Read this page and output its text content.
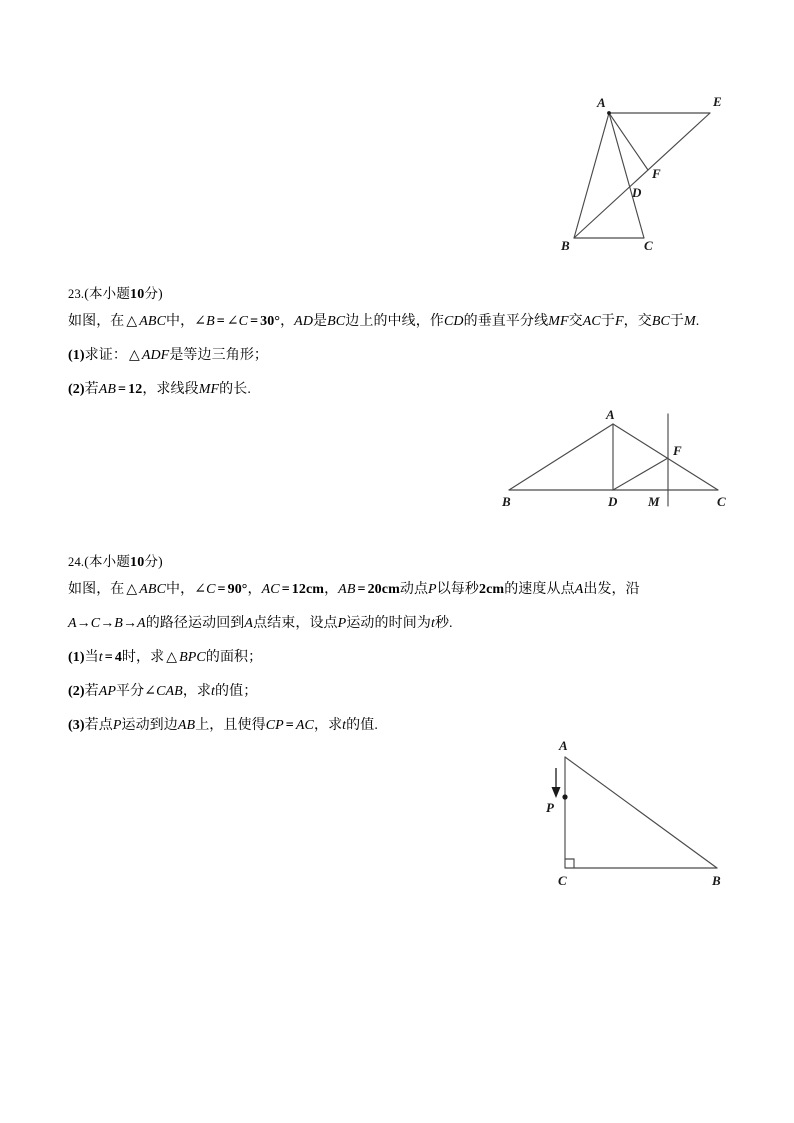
A	E
F
D
B	C
23.(本小题10分)
如图，在 △ ABC中，∠B = ∠C = 30°，AD是BC边上的中线，作CD的垂直平分线MF交AC于F，交BC于M.
(1)求证： △ ADF是等边三角形；
(2)若AB = 12，求线段MF的长.
A
F
B	D M	C
24.(本小题10分)
如图，在 △ ABC中，∠C = 90°，AC = 12cm，AB = 20cm动点P以每秒2cm的速度从点A出发，沿
A→C→B→A的路径运动回到A点结束，设点P运动的时间为t秒.
(1)当t = 4时，求 △ BPC的面积；
(2)若AP平分∠CAB，求t的值；
(3)若点P运动到边AB上，且使得CP = AC，求t的值.
A
P
C	B
